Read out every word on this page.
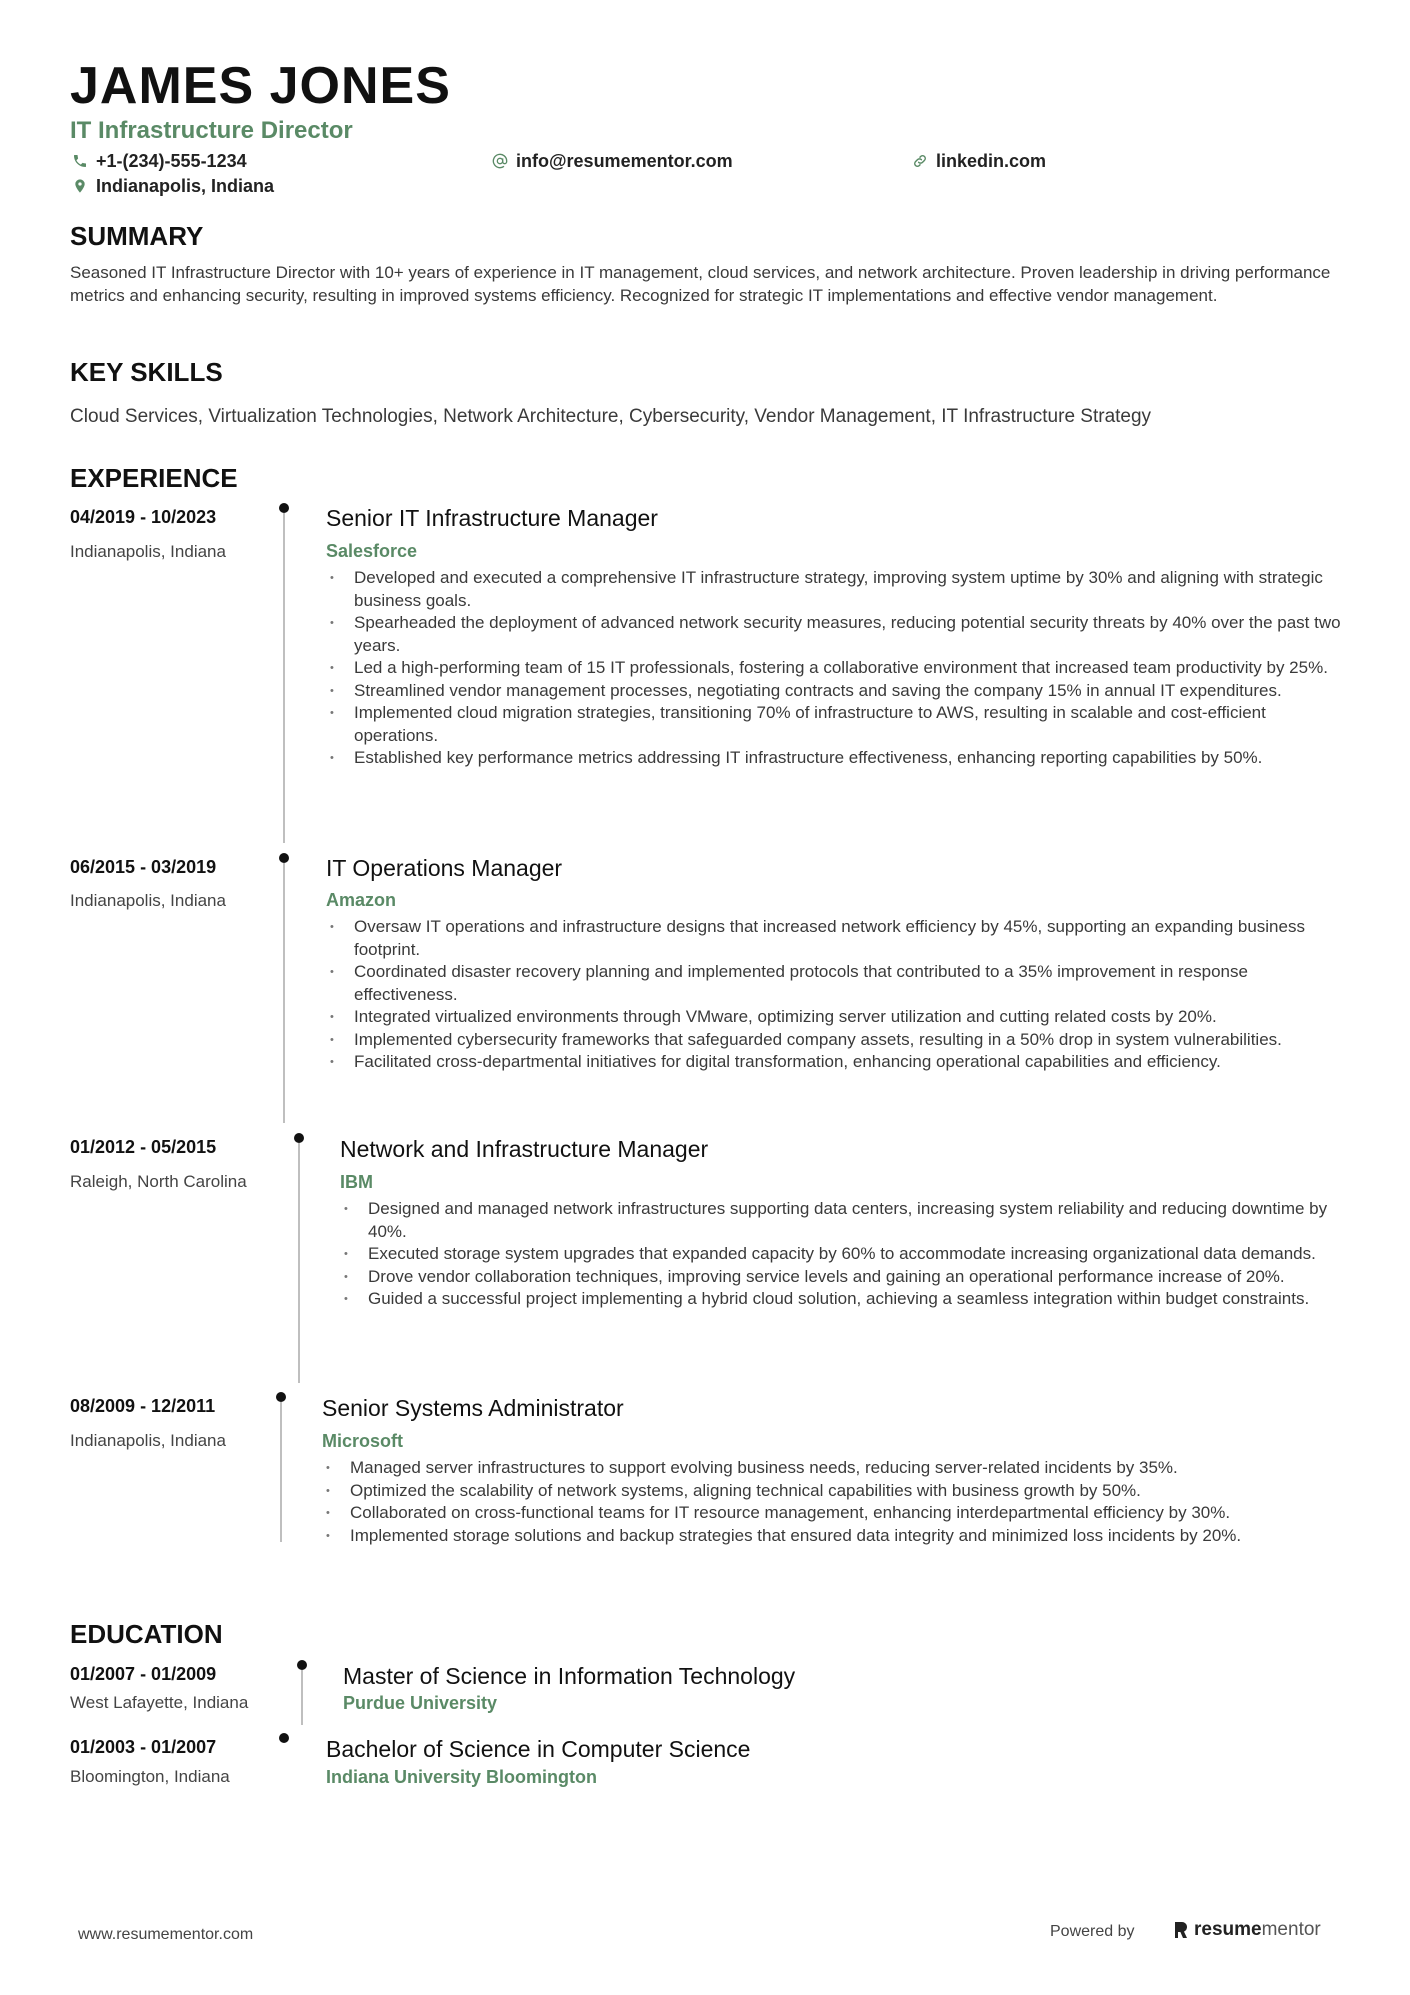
JAMES JONES
IT Infrastructure Director
+1-(234)-555-1234	info@resumementor.com	linkedin.com
Indianapolis, Indiana
SUMMARY
Seasoned IT Infrastructure Director with 10+ years of experience in IT management, cloud services, and network architecture. Proven leadership in driving performance metrics and enhancing security, resulting in improved systems efficiency. Recognized for strategic IT implementations and effective vendor management.
KEY SKILLS
Cloud Services, Virtualization Technologies, Network Architecture, Cybersecurity, Vendor Management, IT Infrastructure Strategy
EXPERIENCE
04/2019 - 10/2023
Indianapolis, Indiana
Senior IT Infrastructure Manager
Salesforce
• Developed and executed a comprehensive IT infrastructure strategy, improving system uptime by 30% and aligning with strategic business goals.
• Spearheaded the deployment of advanced network security measures, reducing potential security threats by 40% over the past two years.
• Led a high-performing team of 15 IT professionals, fostering a collaborative environment that increased team productivity by 25%.
• Streamlined vendor management processes, negotiating contracts and saving the company 15% in annual IT expenditures.
• Implemented cloud migration strategies, transitioning 70% of infrastructure to AWS, resulting in scalable and cost-efficient operations.
• Established key performance metrics addressing IT infrastructure effectiveness, enhancing reporting capabilities by 50%.
06/2015 - 03/2019
Indianapolis, Indiana
IT Operations Manager
Amazon
• Oversaw IT operations and infrastructure designs that increased network efficiency by 45%, supporting an expanding business footprint.
• Coordinated disaster recovery planning and implemented protocols that contributed to a 35% improvement in response effectiveness.
• Integrated virtualized environments through VMware, optimizing server utilization and cutting related costs by 20%.
• Implemented cybersecurity frameworks that safeguarded company assets, resulting in a 50% drop in system vulnerabilities.
• Facilitated cross-departmental initiatives for digital transformation, enhancing operational capabilities and efficiency.
01/2012 - 05/2015
Raleigh, North Carolina
Network and Infrastructure Manager
IBM
• Designed and managed network infrastructures supporting data centers, increasing system reliability and reducing downtime by 40%.
• Executed storage system upgrades that expanded capacity by 60% to accommodate increasing organizational data demands.
• Drove vendor collaboration techniques, improving service levels and gaining an operational performance increase of 20%.
• Guided a successful project implementing a hybrid cloud solution, achieving a seamless integration within budget constraints.
08/2009 - 12/2011
Indianapolis, Indiana
Senior Systems Administrator
Microsoft
• Managed server infrastructures to support evolving business needs, reducing server-related incidents by 35%.
• Optimized the scalability of network systems, aligning technical capabilities with business growth by 50%.
• Collaborated on cross-functional teams for IT resource management, enhancing interdepartmental efficiency by 30%.
• Implemented storage solutions and backup strategies that ensured data integrity and minimized loss incidents by 20%.
EDUCATION
01/2007 - 01/2009
West Lafayette, Indiana
Master of Science in Information Technology
Purdue University
01/2003 - 01/2007
Bloomington, Indiana
Bachelor of Science in Computer Science
Indiana University Bloomington
www.resumementor.com	Powered by	resumementor
